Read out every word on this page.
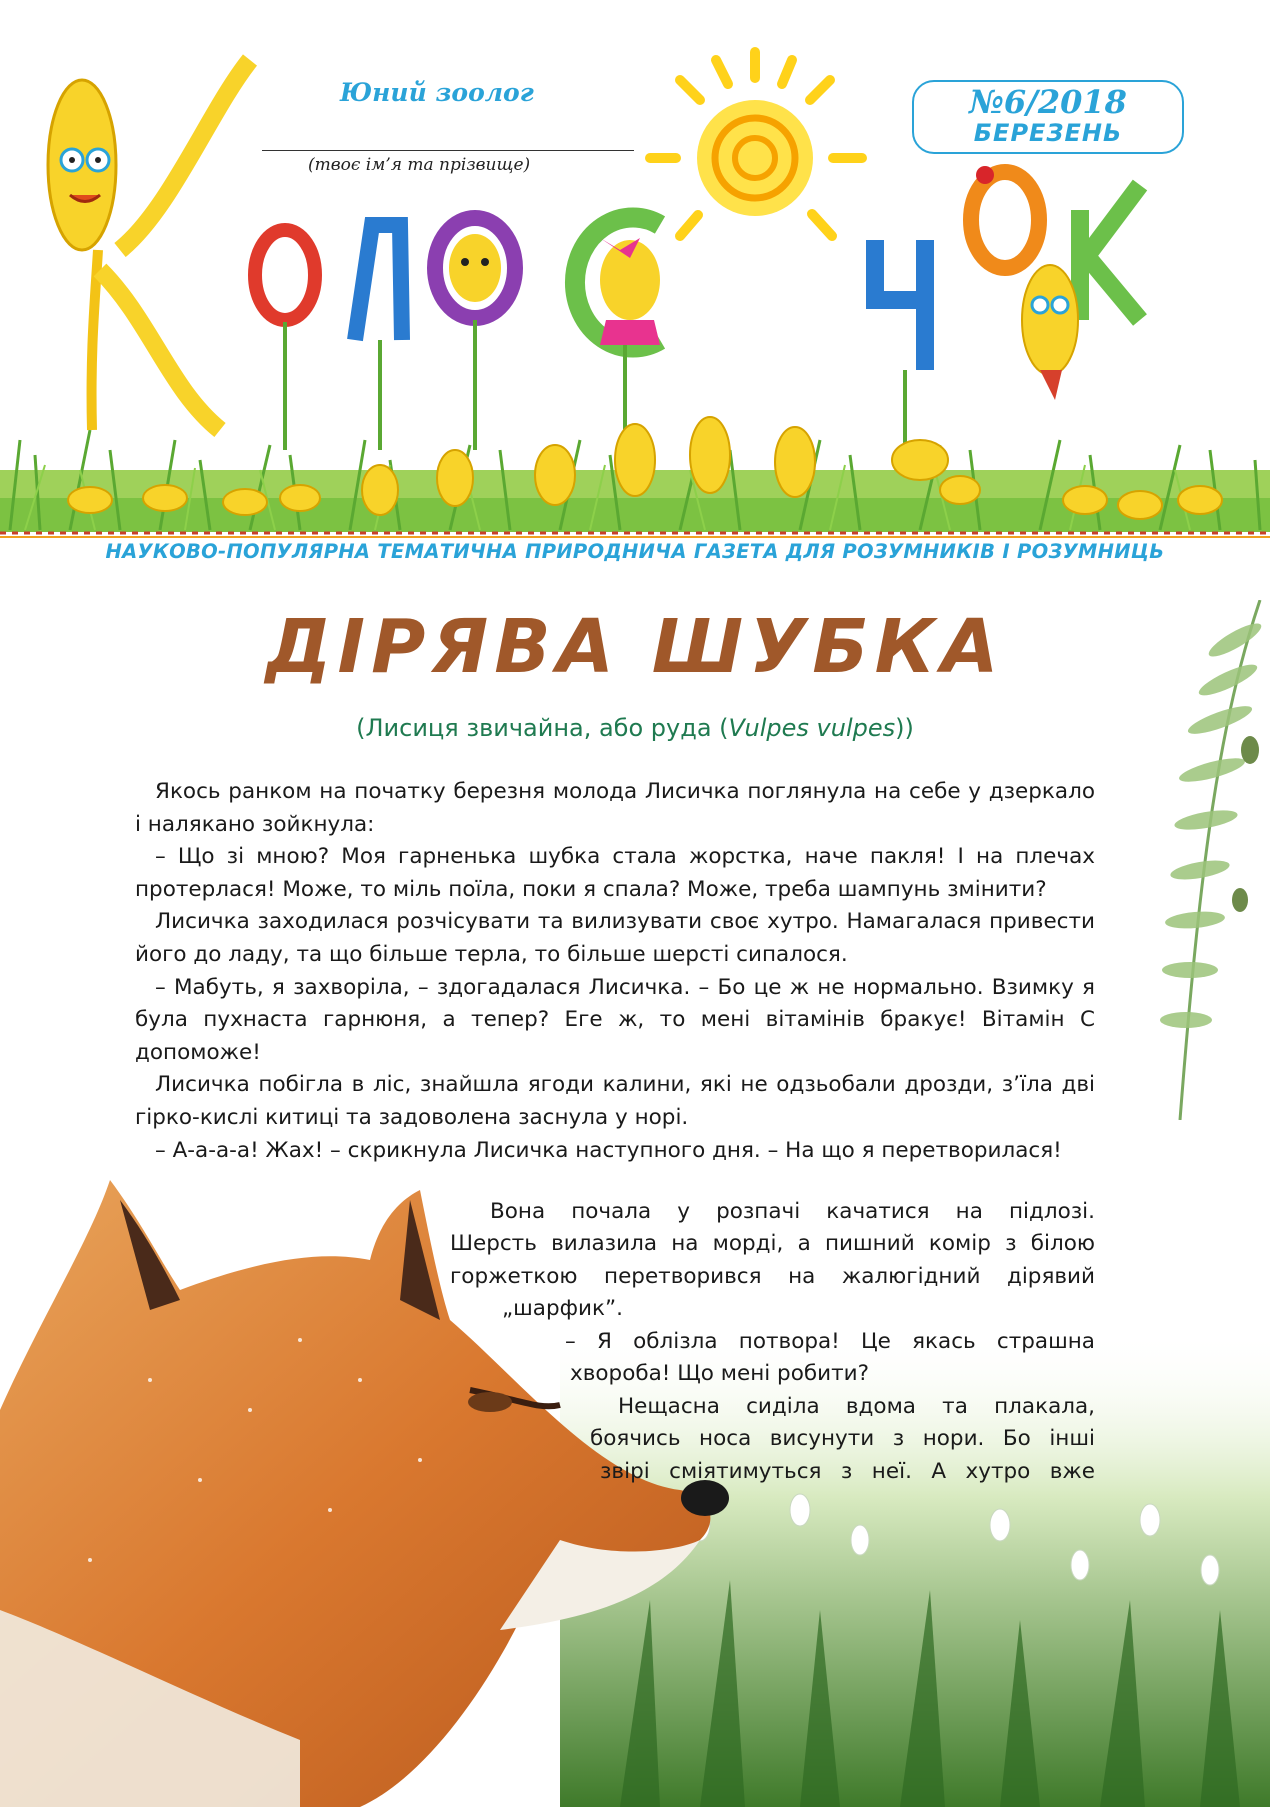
Юний зоолог
(твоє ім’я та прізвище)
№6/2018
БЕРЕЗЕНЬ
НАУКОВО-ПОПУЛЯРНА ТЕМАТИЧНА ПРИРОДНИЧА ГАЗЕТА ДЛЯ РОЗУМНИКІВ І РОЗУМНИЦЬ
ДІРЯВА ШУБКА
(Лисиця звичайна, або руда (Vulpes vulpes))

Якось ранком на початку березня молода Лисичка поглянула на себе у дзеркало і налякано зойкнула:

– Що зі мною? Моя гарненька шубка стала жорстка, наче пакля! І на плечах протерлася! Може, то міль поїла, поки я спала? Може, треба шампунь змінити?

Лисичка заходилася розчісувати та вилизувати своє хутро. Намагалася привести його до ладу, та що більше терла, то більше шерсті сипалося.

– Мабуть, я захворіла, – здогадалася Лисичка. – Бо це ж не нормально. Взимку я була пухнаста гарнюня, а тепер? Еге ж, то мені вітамінів бракує! Вітамін С допоможе!

Лисичка побігла в ліс, знайшла ягоди калини, які не одзьобали дрозди, з’їла дві гірко-кислі китиці та задоволена заснула у норі.

– А-а-а-а! Жах! – скрикнула Лисичка наступного дня. – На що я перетворилася!

Вона почала у розпачі качатися на підлозі.
Шерсть вилазила на морді, а пишний комір з білою
горжеткою перетворився на жалюгідний дірявий
„шарфик”.
– Я облізла потвора! Це якась страшна
хвороба! Що мені робити?
Нещасна сиділа вдома та плакала,
боячись носа висунути з нори. Бо інші
звірі сміятимуться з неї. А хутро вже
